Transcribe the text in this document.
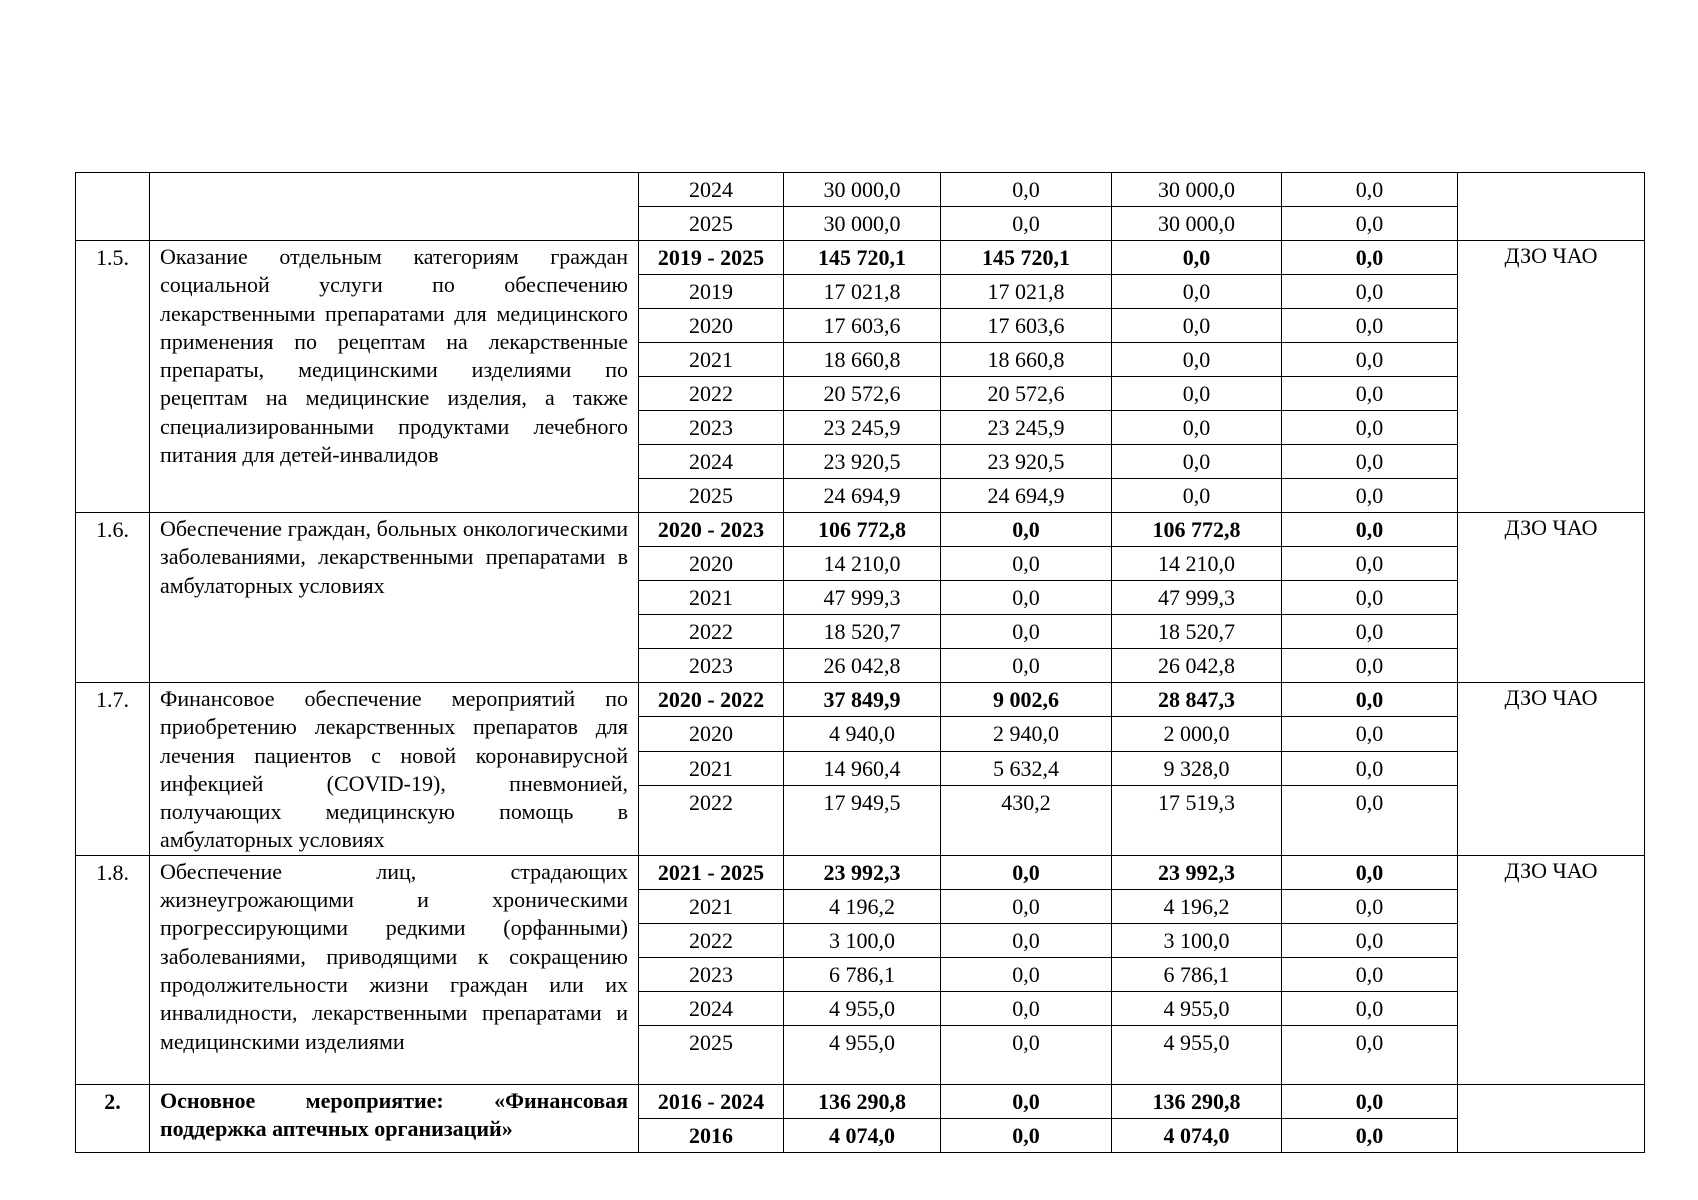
		2024	30 000,0	0,0	30 000,0	0,0	
		2025	30 000,0	0,0	30 000,0	0,0	
1.5.	Оказание отдельным категориям граждан социальной услуги по обеспечению лекарственными препаратами для медицинского применения по рецептам на лекарственные препараты, медицинскими изделиями по рецептам на медицинские изделия, а также специализированными продуктами лечебного питания для детей-инвалидов	2019 - 2025	145 720,1	145 720,1	0,0	0,0	ДЗО ЧАО
		2019	17 021,8	17 021,8	0,0	0,0	
		2020	17 603,6	17 603,6	0,0	0,0	
		2021	18 660,8	18 660,8	0,0	0,0	
		2022	20 572,6	20 572,6	0,0	0,0	
		2023	23 245,9	23 245,9	0,0	0,0	
		2024	23 920,5	23 920,5	0,0	0,0	
		2025	24 694,9	24 694,9	0,0	0,0	
1.6.	Обеспечение граждан, больных онкологическими заболеваниями, лекарственными препаратами в амбулаторных условиях	2020 - 2023	106 772,8	0,0	106 772,8	0,0	ДЗО ЧАО
		2020	14 210,0	0,0	14 210,0	0,0	
		2021	47 999,3	0,0	47 999,3	0,0	
		2022	18 520,7	0,0	18 520,7	0,0	
		2023	26 042,8	0,0	26 042,8	0,0	
1.7.	Финансовое обеспечение мероприятий по приобретению лекарственных препаратов для лечения пациентов с новой коронавирусной инфекцией (COVID-19), пневмонией, получающих медицинскую помощь в амбулаторных условиях	2020 - 2022	37 849,9	9 002,6	28 847,3	0,0	ДЗО ЧАО
		2020	4 940,0	2 940,0	2 000,0	0,0	
		2021	14 960,4	5 632,4	9 328,0	0,0	
		2022	17 949,5	430,2	17 519,3	0,0	
1.8.	Обеспечение лиц, страдающих жизнеугрожающими и хроническими прогрессирующими редкими (орфанными) заболеваниями, приводящими к сокращению продолжительности жизни граждан или их инвалидности, лекарственными препаратами и медицинскими изделиями	2021 - 2025	23 992,3	0,0	23 992,3	0,0	ДЗО ЧАО
		2021	4 196,2	0,0	4 196,2	0,0	
		2022	3 100,0	0,0	3 100,0	0,0	
		2023	6 786,1	0,0	6 786,1	0,0	
		2024	4 955,0	0,0	4 955,0	0,0	
		2025	4 955,0	0,0	4 955,0	0,0	
2.	Основное мероприятие: «Финансовая поддержка аптечных организаций»	2016 - 2024	136 290,8	0,0	136 290,8	0,0	
		2016	4 074,0	0,0	4 074,0	0,0	
